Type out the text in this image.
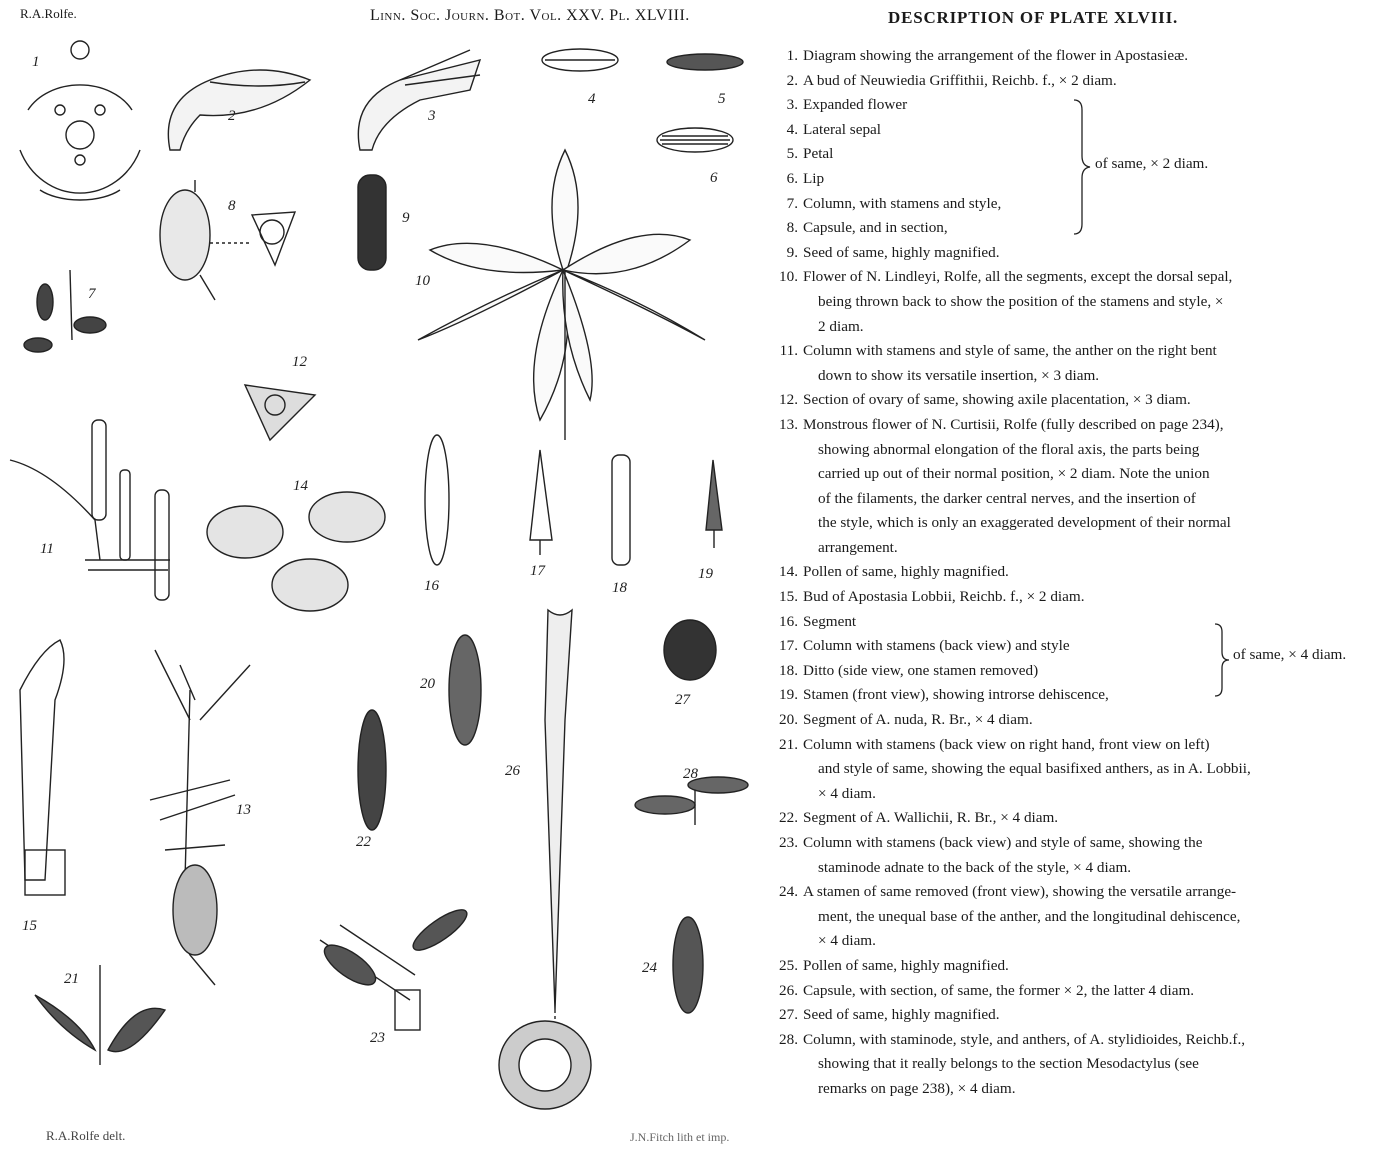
R.A.Rolfe.	Linn. Soc. Journ. Bot. Vol. XXV. Pl. XLVIII.	DESCRIPTION OF PLATE XLVIII.
1
2	3
4	5
6
7
8
9
10
11
12
14
15
16
17
18
19
20
21
22
23
24
26
27
28
13
1. Diagram showing the arrangement of the flower in Apostasieæ.
2. A bud of Neuwiedia Griffithii, Reichb. f., × 2 diam.
3. Expanded flower
4. Lateral sepal
5. Petal
6. Lip
7. Column, with stamens and style,
8. Capsule, and in section,
9. Seed of same, highly magnified.
10. Flower of N. Lindleyi, Rolfe, all the segments, except the dorsal sepal,
being thrown back to show the position of the stamens and style, ×
2 diam.
11. Column with stamens and style of same, the anther on the right bent
down to show its versatile insertion, × 3 diam.
12. Section of ovary of same, showing axile placentation, × 3 diam.
13. Monstrous flower of N. Curtisii, Rolfe (fully described on page 234),
showing abnormal elongation of the floral axis, the parts being
carried up out of their normal position, × 2 diam. Note the union
of the filaments, the darker central nerves, and the insertion of
the style, which is only an exaggerated development of their normal
arrangement.
14. Pollen of same, highly magnified.
15. Bud of Apostasia Lobbii, Reichb. f., × 2 diam.
16. Segment
17. Column with stamens (back view) and style
18. Ditto (side view, one stamen removed)
19. Stamen (front view), showing introrse dehiscence,
20. Segment of A. nuda, R. Br., × 4 diam.
21. Column with stamens (back view on right hand, front view on left)
and style of same, showing the equal basifixed anthers, as in A. Lobbii,
× 4 diam.
22. Segment of A. Wallichii, R. Br., × 4 diam.
23. Column with stamens (back view) and style of same, showing the
staminode adnate to the back of the style, × 4 diam.
24. A stamen of same removed (front view), showing the versatile arrange-
ment, the unequal base of the anther, and the longitudinal dehiscence,
× 4 diam.
25. Pollen of same, highly magnified.
26. Capsule, with section, of same, the former × 2, the latter 4 diam.
27. Seed of same, highly magnified.
28. Column, with staminode, style, and anthers, of A. stylidioides, Reichb.f.,
showing that it really belongs to the section Mesodactylus (see
remarks on page 238), × 4 diam.
of same, × 2 diam.
of same, × 4 diam.
R.A.Rolfe delt.	J.N.Fitch lith et imp.
